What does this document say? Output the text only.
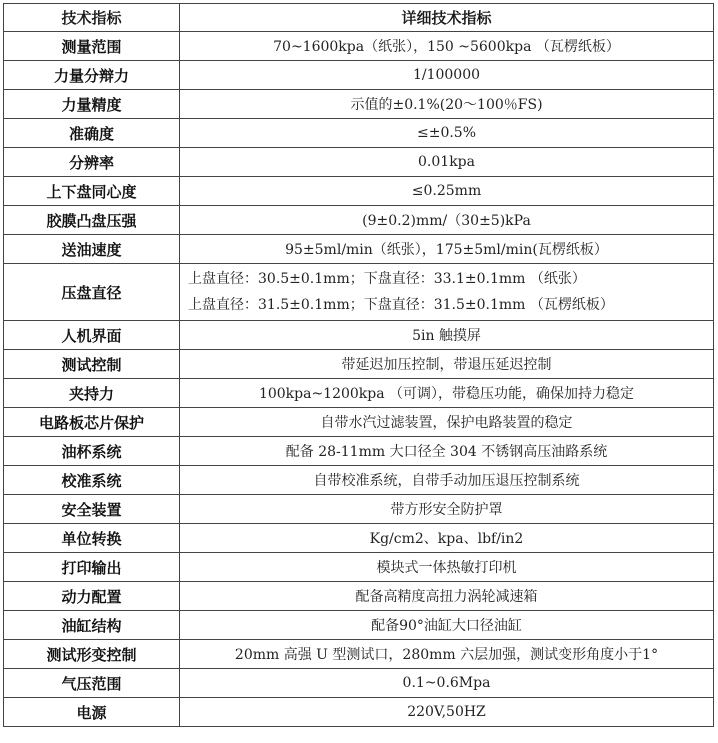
技术指标	详细技术指标
测量范围	70~1600kpa（纸张），150 ~5600kpa （瓦楞纸板）
力量分辩力	1/100000
力量精度	示值的±0.1%(20～100％FS)
准确度	≤±0.5%
分辨率	0.01kpa
上下盘同心度	≤0.25mm
胶膜凸盘压强	(9±0.2)mm/（30±5)kPa
送油速度	95±5ml/min（纸张），175±5ml/min(瓦楞纸板）
压盘直径	上盘直径：30.5±0.1mm；下盘直径：33.1±0.1mm （纸张）
上盘直径：31.5±0.1mm；下盘直径：31.5±0.1mm （瓦楞纸板）

人机界面	5in 触摸屏
测试控制	带延迟加压控制，带退压延迟控制
夹持力	100kpa~1200kpa （可调），带稳压功能，确保加持力稳定
电路板芯片保护	自带水汽过滤装置，保护电路装置的稳定
油杯系统	配备 28-11mm 大口径全 304 不锈钢高压油路系统
校准系统	自带校准系统，自带手动加压退压控制系统
安全装置	带方形安全防护罩
单位转换	Kg/cm2、kpa、lbf/in2
打印输出	模块式一体热敏打印机
动力配置	配备高精度高扭力涡轮减速箱
油缸结构	配备90°油缸大口径油缸
测试形变控制	20mm 高强 U 型测试口，280mm 六层加强，测试变形角度小于1°
气压范围	0.1~0.6Mpa
电源	220V,50HZ
